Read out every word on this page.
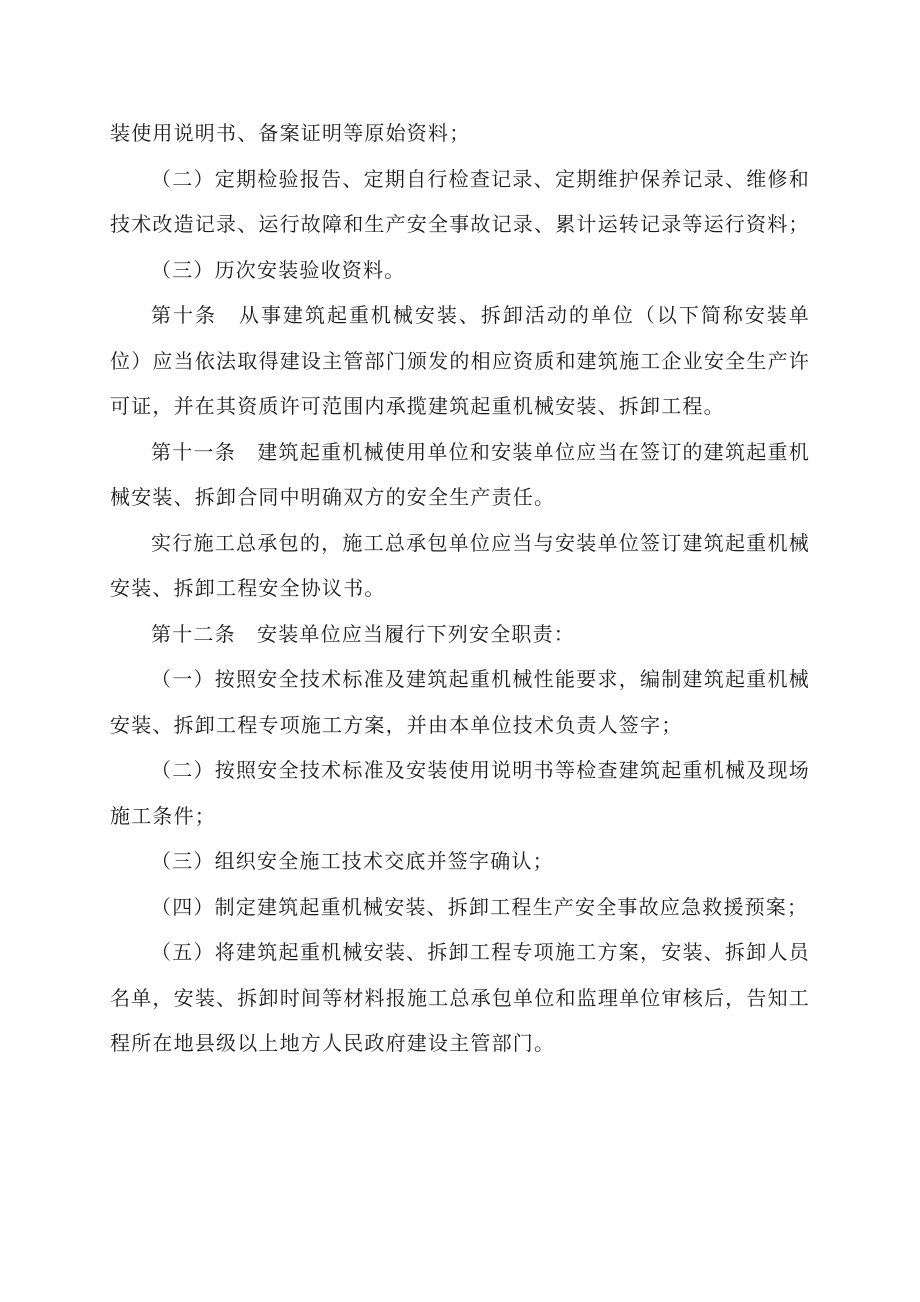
装使用说明书、备案证明等原始资料；

（二）定期检验报告、定期自行检查记录、定期维护保养记录、维修和技术改造记录、运行故障和生产安全事故记录、累计运转记录等运行资料；

（三）历次安装验收资料。

第十条　从事建筑起重机械安装、拆卸活动的单位（以下简称安装单位）应当依法取得建设主管部门颁发的相应资质和建筑施工企业安全生产许可证，并在其资质许可范围内承揽建筑起重机械安装、拆卸工程。

第十一条　建筑起重机械使用单位和安装单位应当在签订的建筑起重机械安装、拆卸合同中明确双方的安全生产责任。

实行施工总承包的，施工总承包单位应当与安装单位签订建筑起重机械安装、拆卸工程安全协议书。

第十二条　安装单位应当履行下列安全职责：

（一）按照安全技术标准及建筑起重机械性能要求，编制建筑起重机械安装、拆卸工程专项施工方案，并由本单位技术负责人签字；

（二）按照安全技术标准及安装使用说明书等检查建筑起重机械及现场施工条件；

（三）组织安全施工技术交底并签字确认；

（四）制定建筑起重机械安装、拆卸工程生产安全事故应急救援预案；

（五）将建筑起重机械安装、拆卸工程专项施工方案，安装、拆卸人员名单，安装、拆卸时间等材料报施工总承包单位和监理单位审核后，告知工程所在地县级以上地方人民政府建设主管部门。
